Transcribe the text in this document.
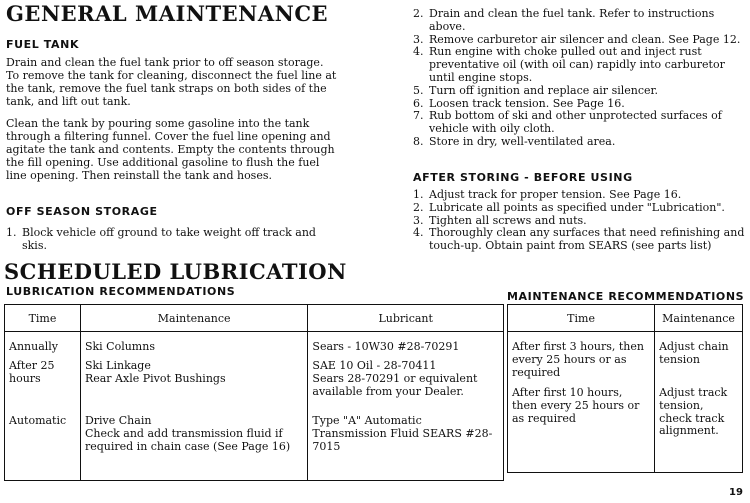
GENERAL MAINTENANCE
FUEL TANK
Drain and clean the fuel tank prior to off season storage. To remove the tank for cleaning, disconnect the fuel line at the tank, remove the fuel tank straps on both sides of the tank, and lift out tank.
Clean the tank by pouring some gasoline into the tank through a filtering funnel. Cover the fuel line opening and agitate the tank and contents. Empty the contents through the fill opening. Use additional gasoline to flush the fuel line opening. Then reinstall the tank and hoses.
OFF SEASON STORAGE
1. Block vehicle off ground to take weight off track and skis.
SCHEDULED LUBRICATION
LUBRICATION RECOMMENDATIONS
2. Drain and clean the fuel tank. Refer to instructions above.
3. Remove carburetor air silencer and clean. See Page 12.
4. Run engine with choke pulled out and inject rust preventative oil (with oil can) rapidly into carburetor until engine stops.
5. Turn off ignition and replace air silencer.
6. Loosen track tension. See Page 16.
7. Rub bottom of ski and other unprotected surfaces of vehicle with oily cloth.
8. Store in dry, well-ventilated area.
AFTER STORING - BEFORE USING
1. Adjust track for proper tension. See Page 16.
2. Lubricate all points as specified under "Lubrication".
3. Tighten all screws and nuts.
4. Thoroughly clean any surfaces that need refinishing and touch-up. Obtain paint from SEARS (see parts list)
MAINTENANCE RECOMMENDATIONS
Time	Maintenance	Lubricant
Annually	Ski Columns	Sears - 10W30 #28-70291
After 25
hours	Ski Linkage
Rear Axle Pivot Bushings	SAE 10 Oil - 28-70411
Sears 28-70291 or equivalent available from your Dealer.
Automatic	Drive Chain
Check and add transmission fluid if required in chain case (See Page 16)	Type "A" Automatic Transmission Fluid SEARS #28-7015
Time	Maintenance
After first 3 hours, then every 25 hours or as required	Adjust chain tension
After first 10 hours, then every 25 hours or as required	Adjust track tension, check track alignment.
19
